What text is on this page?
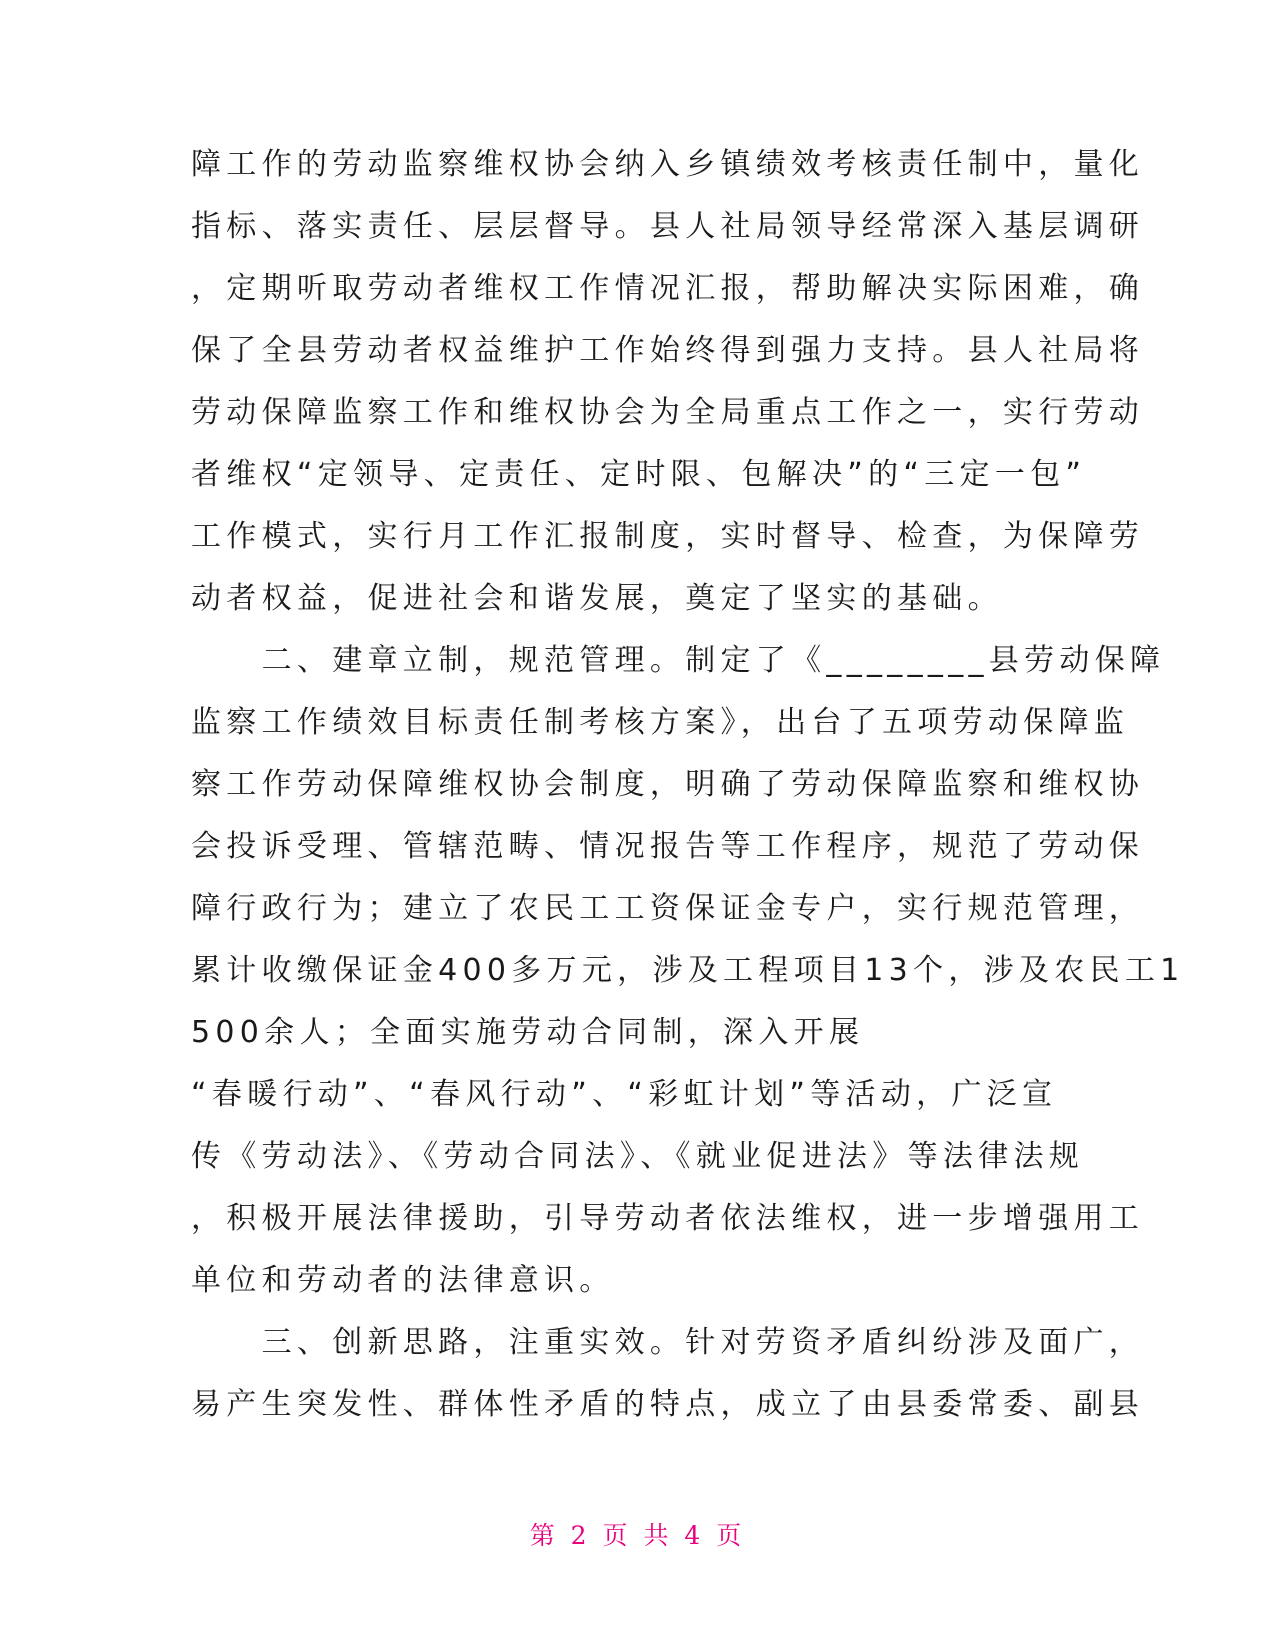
障工作的劳动监察维权协会纳入乡镇绩效考核责任制中，量化
指标、落实责任、层层督导。县人社局领导经常深入基层调研
，定期听取劳动者维权工作情况汇报，帮助解决实际困难，确
保了全县劳动者权益维护工作始终得到强力支持。县人社局将
劳动保障监察工作和维权协会为全局重点工作之一，实行劳动
者维权“定领导、定责任、定时限、包解决”的“三定一包”
工作模式，实行月工作汇报制度，实时督导、检查，为保障劳
动者权益，促进社会和谐发展，奠定了坚实的基础。
　　二、建章立制，规范管理。制定了《________县劳动保障
监察工作绩效目标责任制考核方案》，出台了五项劳动保障监
察工作劳动保障维权协会制度，明确了劳动保障监察和维权协
会投诉受理、管辖范畴、情况报告等工作程序，规范了劳动保
障行政行为；建立了农民工工资保证金专户，实行规范管理，
累计收缴保证金400多万元，涉及工程项目13个，涉及农民工1
500余人；全面实施劳动合同制，深入开展
“春暖行动”、“春风行动”、“彩虹计划”等活动，广泛宣
传《劳动法》、《劳动合同法》、《就业促进法》等法律法规
，积极开展法律援助，引导劳动者依法维权，进一步增强用工
单位和劳动者的法律意识。
　　三、创新思路，注重实效。针对劳资矛盾纠纷涉及面广，
易产生突发性、群体性矛盾的特点，成立了由县委常委、副县
第 2 页 共 4 页
